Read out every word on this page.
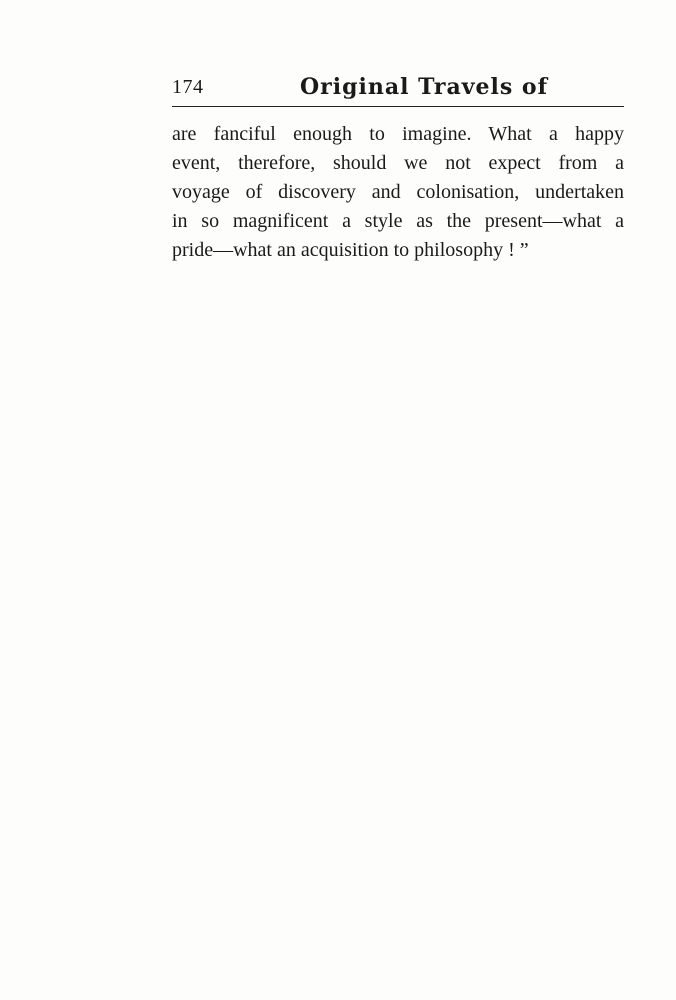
174	Original Travels of
are fanciful enough to imagine. What a happy
event, therefore, should we not expect from a
voyage of discovery and colonisation, undertaken
in so magnificent a style as the present—what a
pride—what an acquisition to philosophy ! ”
